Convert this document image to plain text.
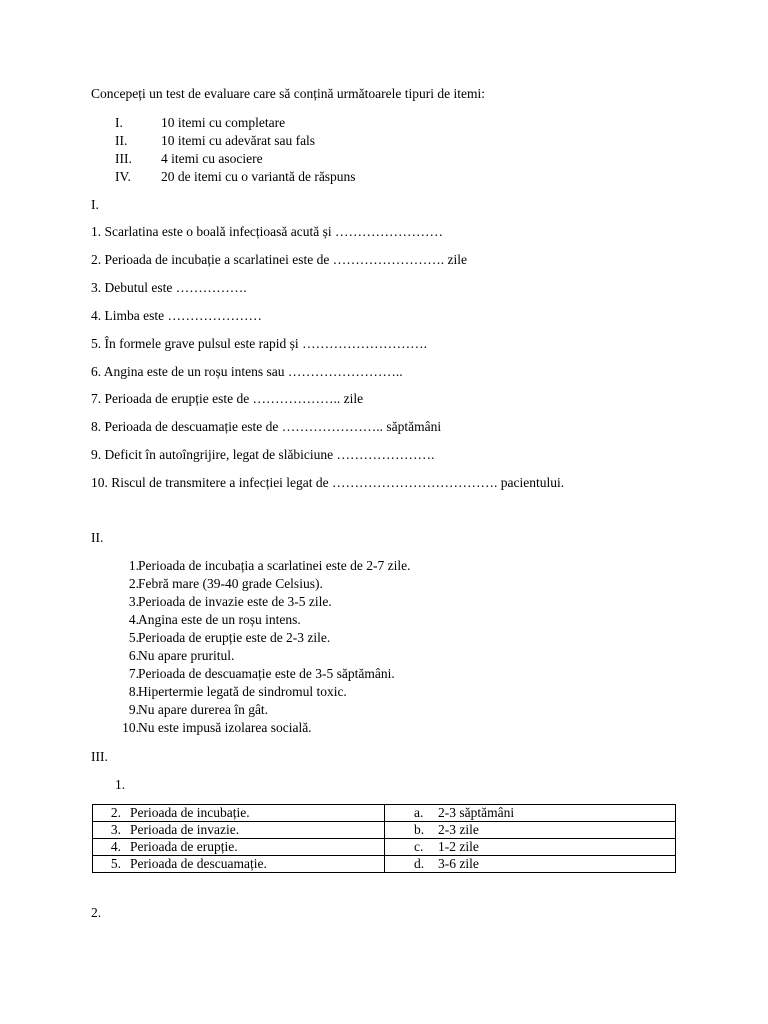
Concepeți un test de evaluare care să conțină următoarele tipuri de itemi:
I.	10 itemi cu completare
II. 10 itemi cu adevărat sau fals
III. 4 itemi cu asociere
IV. 20 de itemi cu o variantă de răspuns
I.
1. Scarlatina este o boală infecțioasă acută și ……………………
2. Perioada de incubație a scarlatinei este de ……………………. zile
3. Debutul este …………….
4. Limba este …………………
5. În formele grave pulsul este rapid și ……………………….
6. Angina este de un roșu intens sau ……………………..
7. Perioada de erupție este de ……………….. zile
8. Perioada de descuamație este de ………………….. săptămâni
9. Deficit în autoîngrijire, legat de slăbiciune ………………….
10. Riscul de transmitere a infecției legat de ………………………………. pacientului.
II.
1. Perioada de incubația a scarlatinei este de 2-7 zile.
2. Febră mare (39-40 grade Celsius).
3. Perioada de invazie este de 3-5 zile.
4. Angina este de un roșu intens.
5. Perioada de erupție este de 2-3 zile.
6. Nu apare pruritul.
7. Perioada de descuamație este de 3-5 săptămâni.
8. Hipertermie legată de sindromul toxic.
9. Nu apare durerea în gât.
10. Nu este impusă izolarea socială.
III.
1.
2. Perioada de incubație.	a. 2-3 săptămâni
3. Perioada de invazie.	b. 2-3 zile
4. Perioada de erupție.	c. 1-2 zile
5. Perioada de descuamație.	d. 3-6 zile
2.
